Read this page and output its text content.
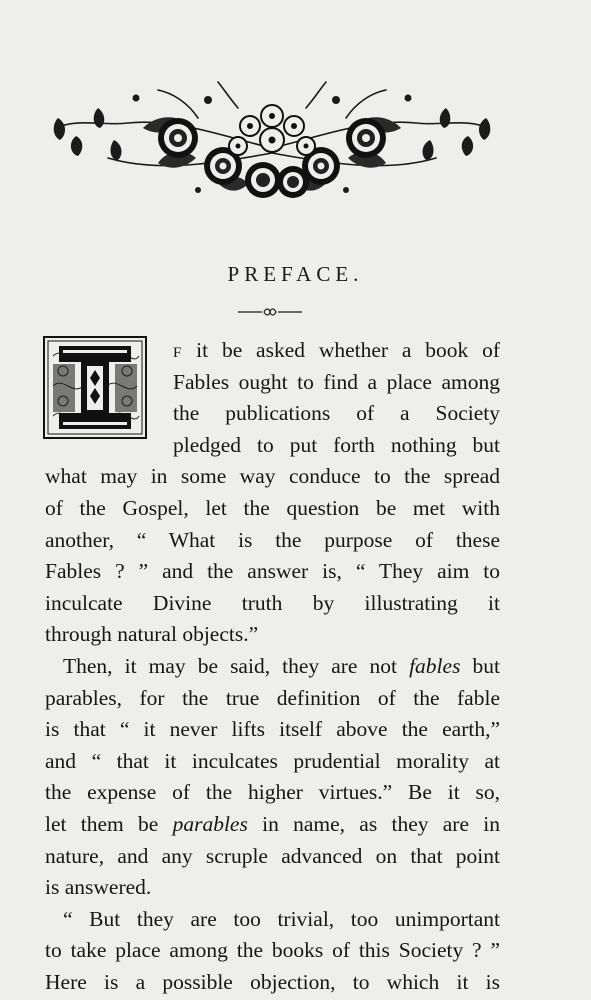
PREFACE.
F it be asked whether a book of
Fables ought to find a place among
the publications of a Society
pledged to put forth nothing but
what may in some way conduce to the spread
of the Gospel, let the question be met with
another, “ What is the purpose of these
Fables ? ” and the answer is, “ They aim to
inculcate Divine truth by illustrating it
through natural objects.”
Then, it may be said, they are not fables but
parables, for the true definition of the fable
is that “ it never lifts itself above the earth,”
and “ that it inculcates prudential morality at
the expense of the higher virtues.” Be it so,
let them be parables in name, as they are in
nature, and any scruple advanced on that point
is answered.
“ But they are too trivial, too unimportant
to take place among the books of this Society ? ”
Here is a possible objection, to which it is
